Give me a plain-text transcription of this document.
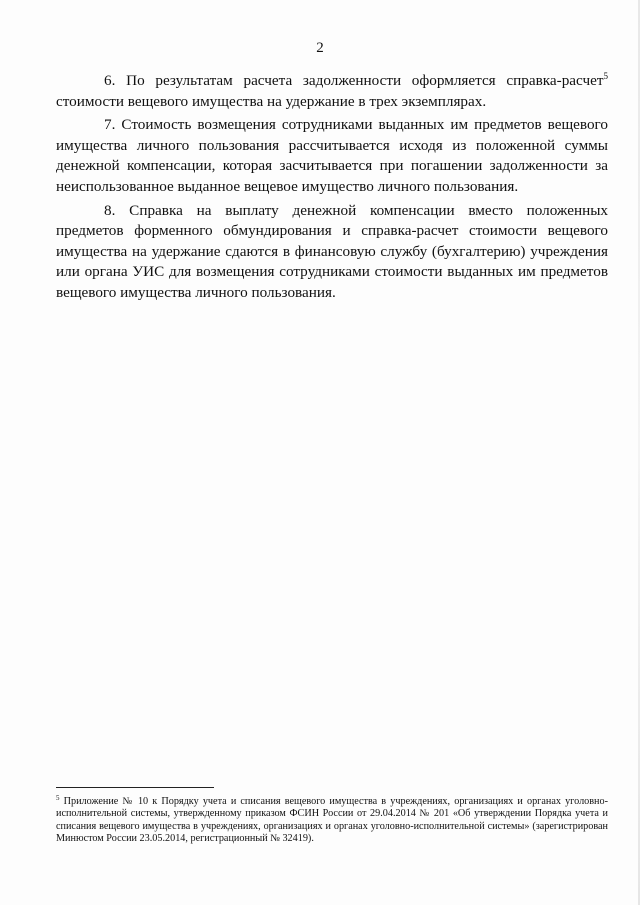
2

6. По результатам расчета задолженности оформляется справка-расчет$^5$ стоимости вещевого имущества на удержание в трех экземплярах.

7. Стоимость возмещения сотрудниками выданных им предметов вещевого имущества личного пользования рассчитывается исходя из положенной суммы денежной компенсации, которая засчитывается при погашении задолженности за неиспользованное выданное вещевое имущество личного пользования.

8. Справка на выплату денежной компенсации вместо положенных предметов форменного обмундирования и справка-расчет стоимости вещевого имущества на удержание сдаются в финансовую службу (бухгалтерию) учреждения или органа УИС для возмещения сотрудниками стоимости выданных им предметов вещевого имущества личного пользования.

$^5$ Приложение № 10 к Порядку учета и списания вещевого имущества в учреждениях, организациях и органах уголовно-исполнительной системы, утвержденному приказом ФСИН России от 29.04.2014 № 201 «Об утверждении Порядка учета и списания вещевого имущества в учреждениях, организациях и органах уголовно-исполнительной системы» (зарегистрирован Минюстом России 23.05.2014, регистрационный № 32419).
